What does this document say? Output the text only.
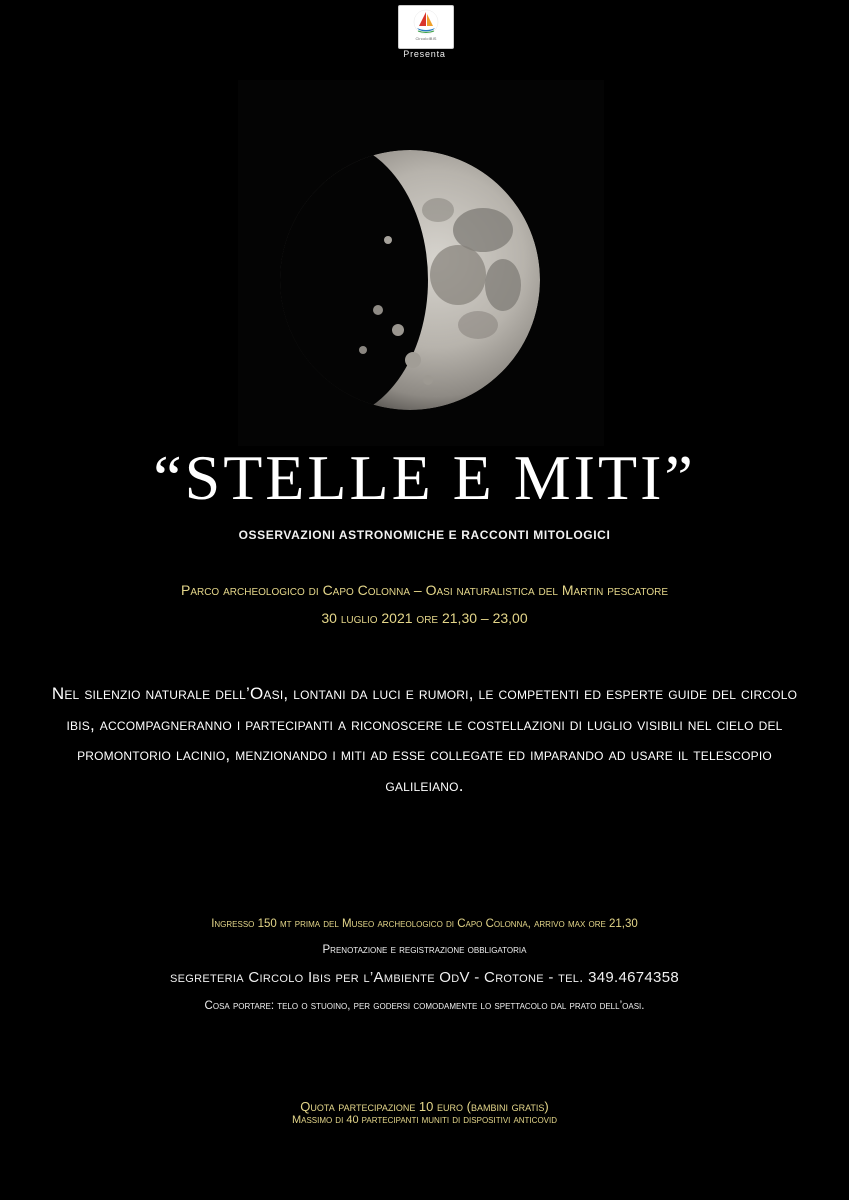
CircoloIBIS
Presenta
“STELLE E MITI”
OSSERVAZIONI ASTRONOMICHE E RACCONTI MITOLOGICI
Parco archeologico di Capo Colonna – Oasi naturalistica del Martin pescatore
30 luglio 2021 ore 21,30 – 23,00
Nel silenzio naturale dell’Oasi, lontani da luci e rumori, le competenti ed esperte guide del circolo ibis, accompagneranno i partecipanti a riconoscere le costellazioni di luglio visibili nel cielo del promontorio lacinio, menzionando i miti ad esse collegate ed imparando ad usare il telescopio galileiano.
Ingresso 150 mt prima del Museo archeologico di Capo Colonna, arrivo max ore 21,30
Prenotazione e registrazione obbligatoria
segreteria Circolo Ibis per l’Ambiente OdV - Crotone - tel. 349.4674358
Cosa portare: telo o stuoino, per godersi comodamente lo spettacolo dal prato dell’oasi.
Quota partecipazione 10 euro (bambini gratis)
Massimo di 40 partecipanti muniti di dispositivi anticovid
